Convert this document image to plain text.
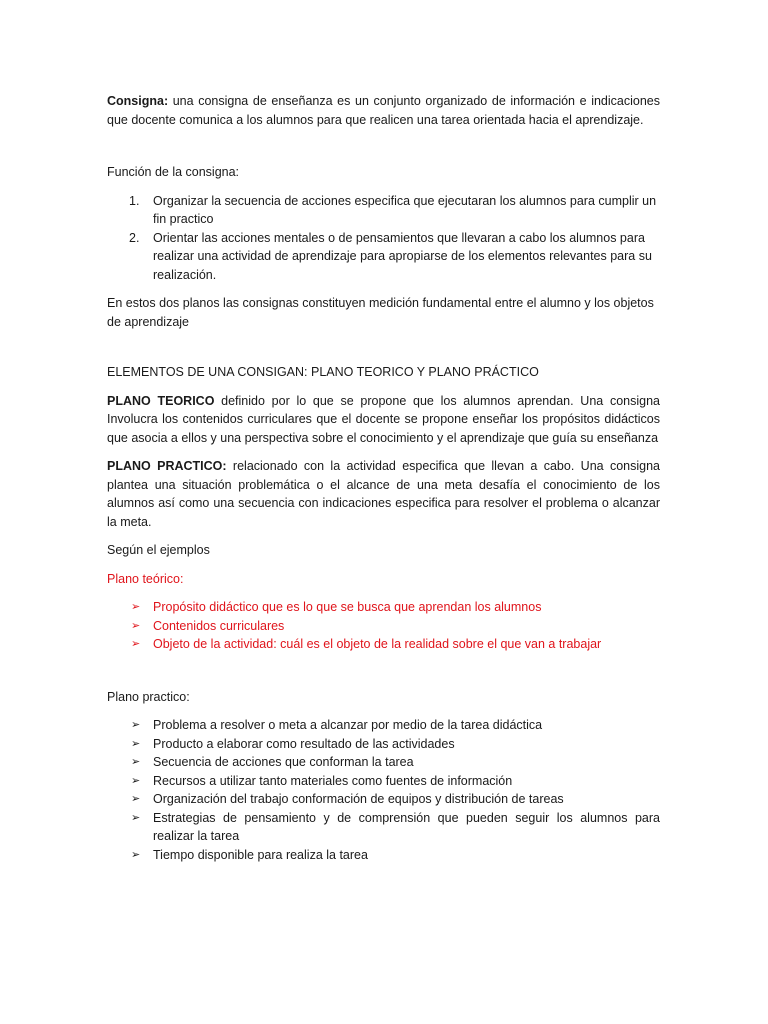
Consigna: una consigna de enseñanza es un conjunto organizado de información e indicaciones que docente comunica a los alumnos para que realicen una tarea orientada hacia el aprendizaje.

Función de la consigna:

1. Organizar la secuencia de acciones especifica que ejecutaran los alumnos para cumplir un fin practico
2. Orientar las acciones mentales o de pensamientos que llevaran a cabo los alumnos para realizar una actividad de aprendizaje para apropiarse de los elementos relevantes para su realización.

En estos dos planos las consignas constituyen medición fundamental entre el alumno y los objetos de aprendizaje

ELEMENTOS DE UNA CONSIGAN: PLANO TEORICO Y PLANO PRÁCTICO

PLANO TEORICO definido por lo que se propone que los alumnos aprendan. Una consigna Involucra los contenidos curriculares que el docente se propone enseñar los propósitos didácticos que asocia a ellos y una perspectiva sobre el conocimiento y el aprendizaje que guía su enseñanza

PLANO PRACTICO: relacionado con la actividad especifica que llevan a cabo. Una consigna plantea una situación problemática o el alcance de una meta desafía el conocimiento de los alumnos así como una secuencia con indicaciones especifica para resolver el problema o alcanzar la meta.

Según el ejemplos

Plano teórico:

➢ Propósito didáctico que es lo que se busca que aprendan los alumnos
➢ Contenidos curriculares
➢ Objeto de la actividad: cuál es el objeto de la realidad sobre el que van a trabajar

Plano practico:

➢ Problema a resolver o meta a alcanzar por medio de la tarea didáctica
➢ Producto a elaborar como resultado de las actividades
➢ Secuencia de acciones que conforman la tarea
➢ Recursos a utilizar tanto materiales como fuentes de información
➢ Organización del trabajo conformación de equipos y distribución de tareas
➢ Estrategias de pensamiento y de comprensión que pueden seguir los alumnos para realizar la tarea
➢ Tiempo disponible para realiza la tarea
